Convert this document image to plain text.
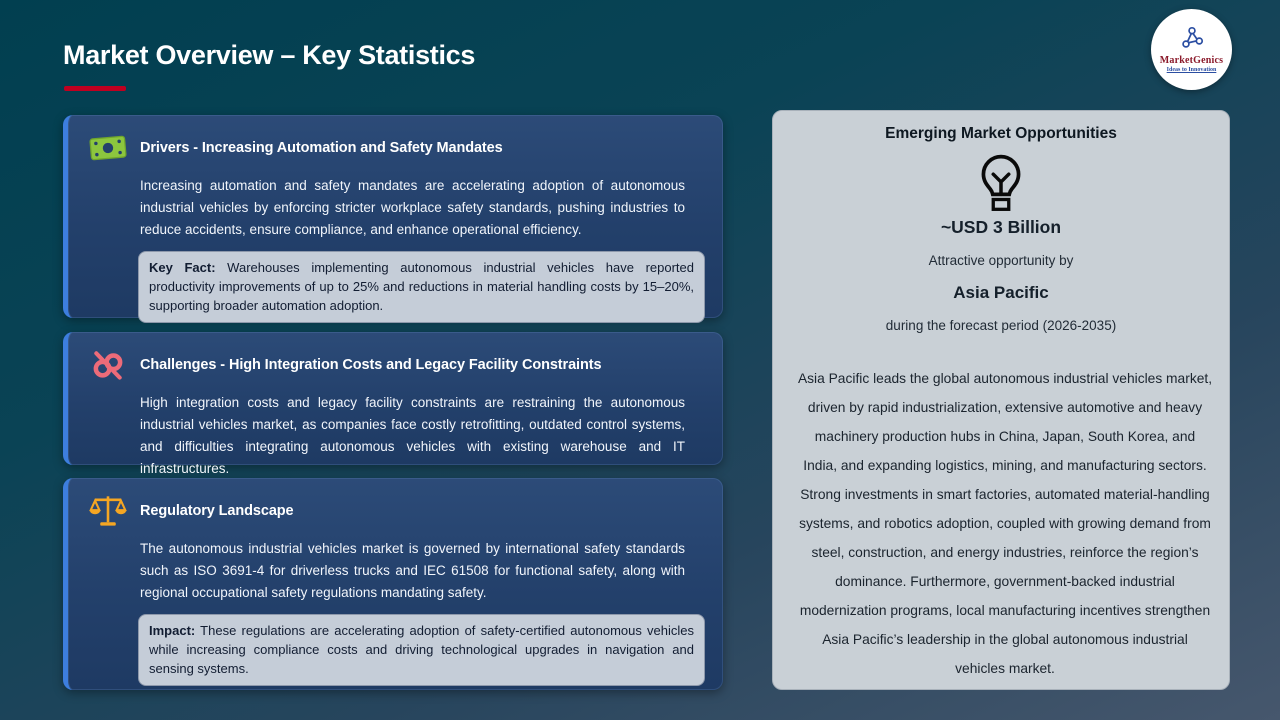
Market Overview – Key Statistics	MarketGenics
Ideas to Innovation
Drivers - Increasing Automation and Safety Mandates
Increasing automation and safety mandates are accelerating adoption of autonomous industrial vehicles by enforcing stricter workplace safety standards, pushing industries to reduce accidents, ensure compliance, and enhance operational efficiency.
Key Fact: Warehouses implementing autonomous industrial vehicles have reported productivity improvements of up to 25% and reductions in material handling costs by 15–20%, supporting broader automation adoption.
Challenges - High Integration Costs and Legacy Facility Constraints
High integration costs and legacy facility constraints are restraining the autonomous industrial vehicles market, as companies face costly retrofitting, outdated control systems, and difficulties integrating autonomous vehicles with existing warehouse and IT infrastructures.
Regulatory Landscape
The autonomous industrial vehicles market is governed by international safety standards such as ISO 3691-4 for driverless trucks and IEC 61508 for functional safety, along with regional occupational safety regulations mandating safety.
Impact: These regulations are accelerating adoption of safety-certified autonomous vehicles while increasing compliance costs and driving technological upgrades in navigation and sensing systems.
Emerging Market Opportunities
~USD 3 Billion
Attractive opportunity by
Asia Pacific
during the forecast period (2026-2035)
Asia Pacific leads the global autonomous industrial vehicles market, driven by rapid industrialization, extensive automotive and heavy machinery production hubs in China, Japan, South Korea, and India, and expanding logistics, mining, and manufacturing sectors. Strong investments in smart factories, automated material-handling systems, and robotics adoption, coupled with growing demand from steel, construction, and energy industries, reinforce the region’s dominance. Furthermore, government-backed industrial modernization programs, local manufacturing incentives strengthen Asia Pacific’s leadership in the global autonomous industrial vehicles market.
